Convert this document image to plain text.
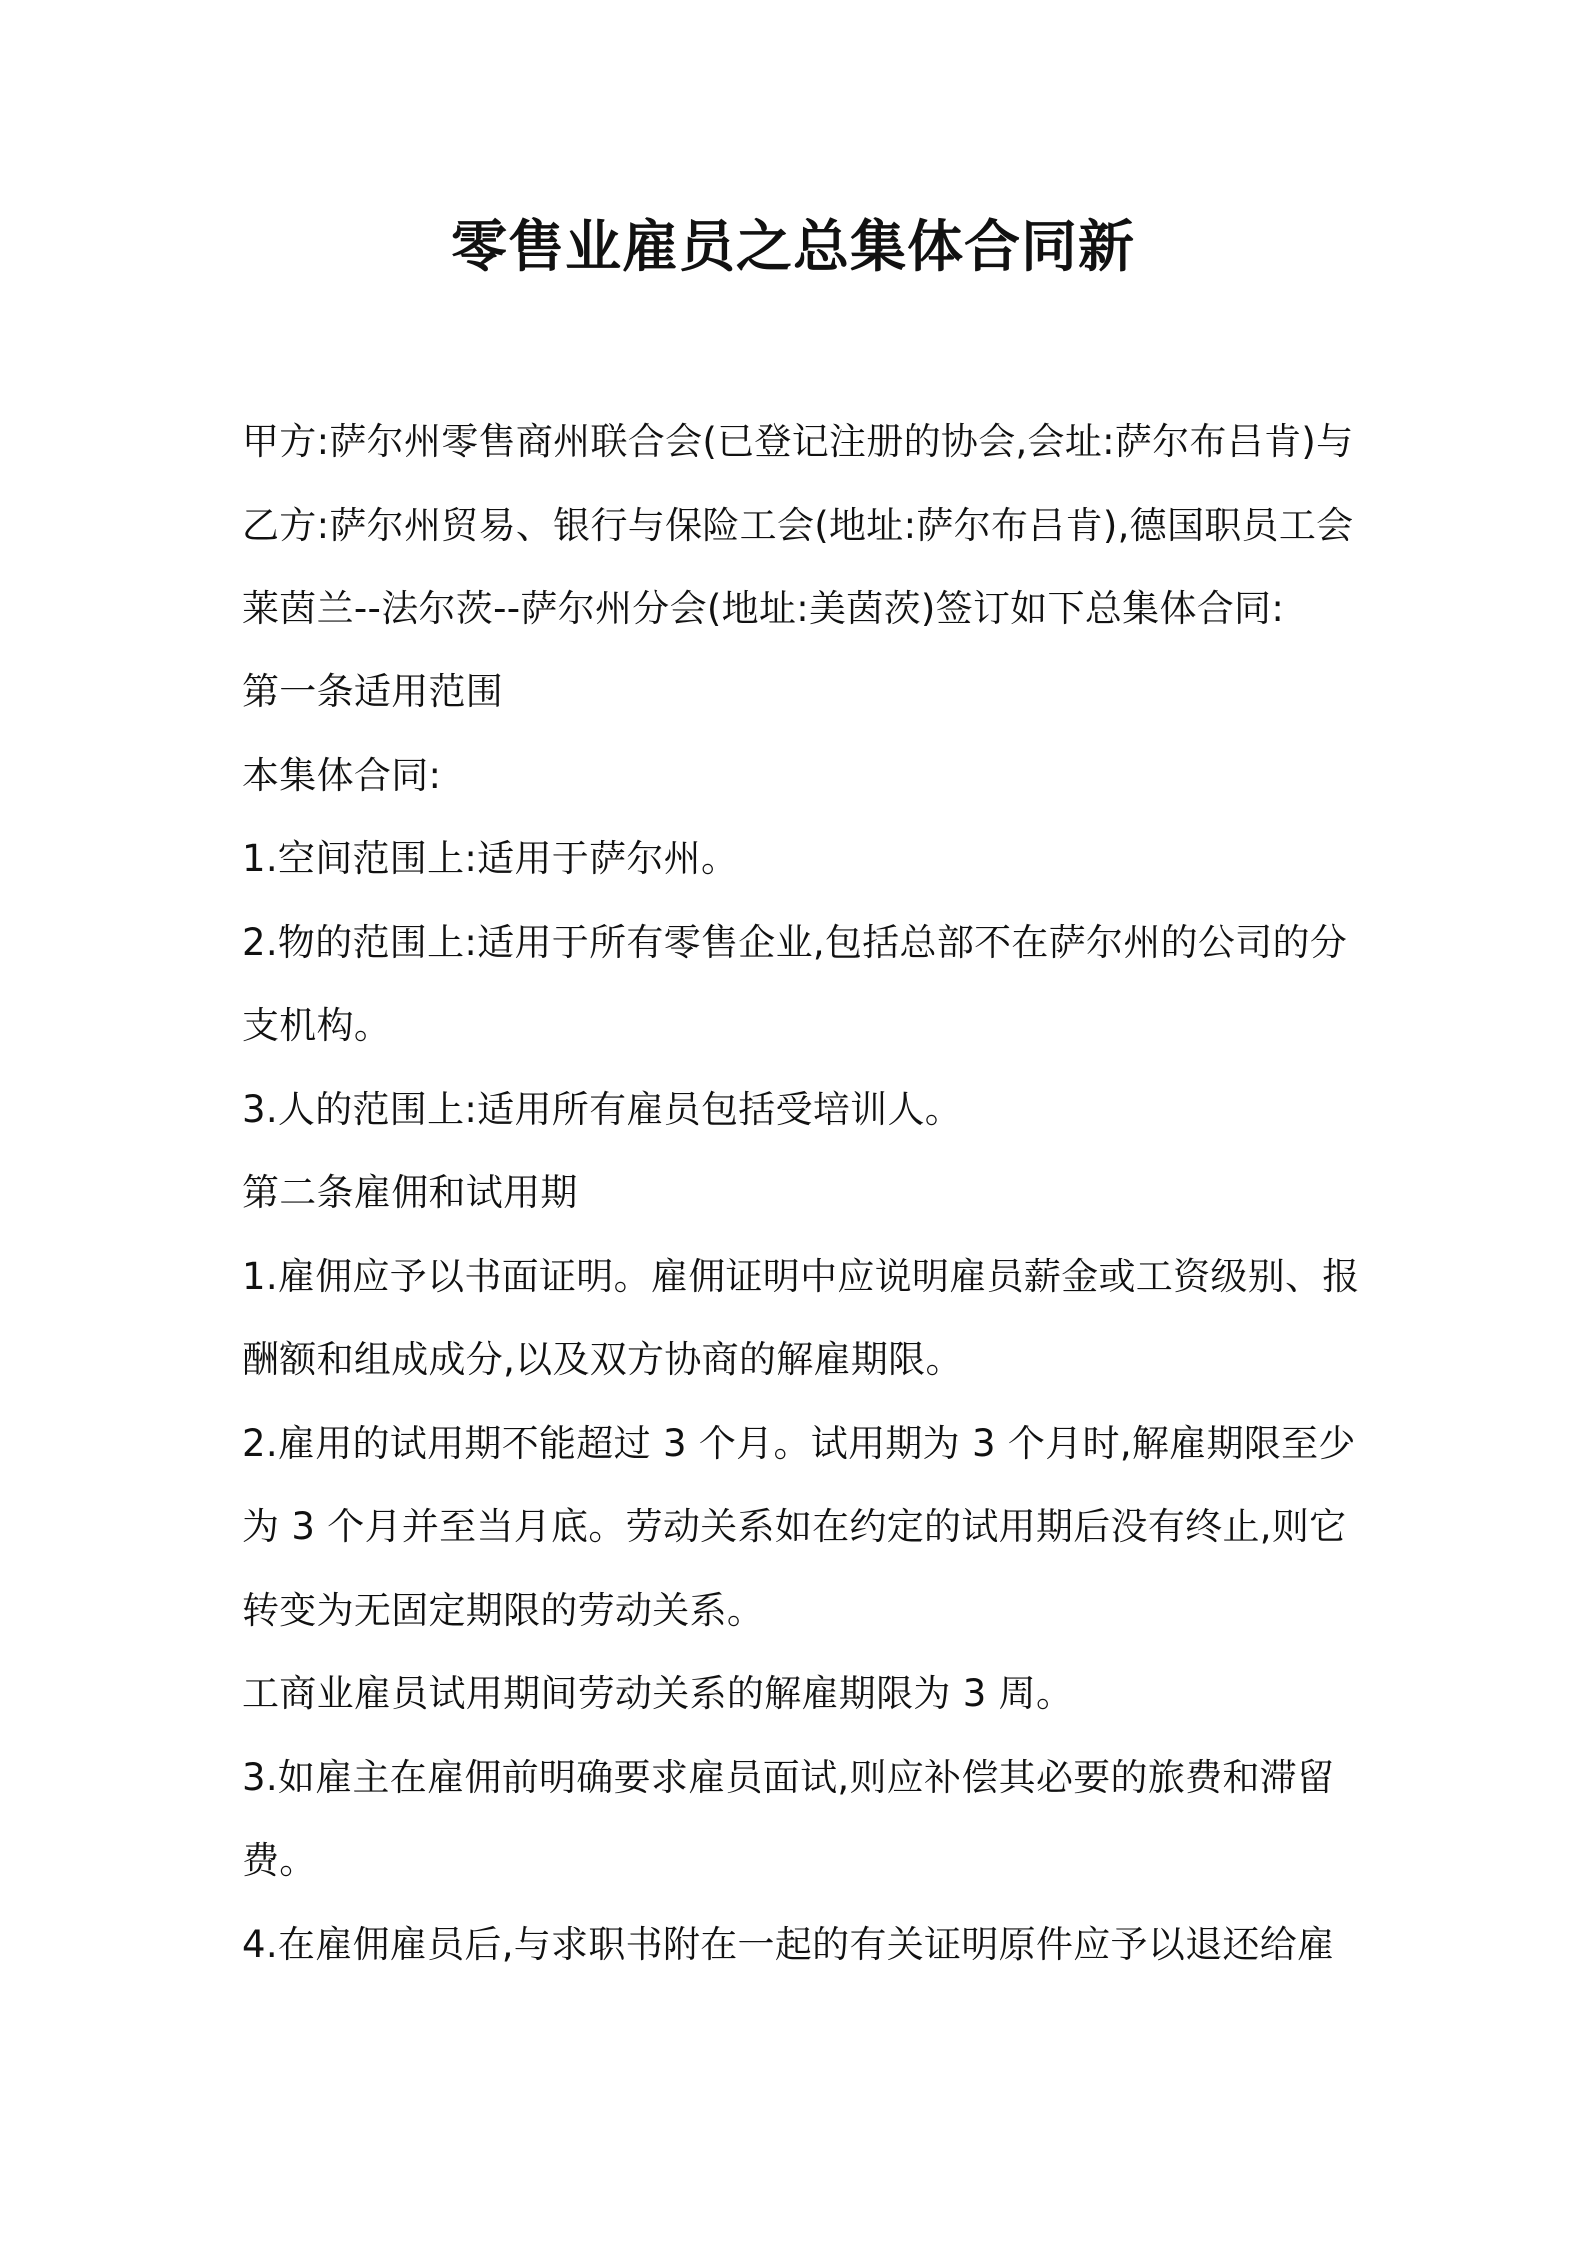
零售业雇员之总集体合同新
甲方:萨尔州零售商州联合会(已登记注册的协会,会址:萨尔布吕肯)与
乙方:萨尔州贸易、银行与保险工会(地址:萨尔布吕肯),德国职员工会
莱茵兰--法尔茨--萨尔州分会(地址:美茵茨)签订如下总集体合同:
第一条适用范围
本集体合同:
1.空间范围上:适用于萨尔州。
2.物的范围上:适用于所有零售企业,包括总部不在萨尔州的公司的分
支机构。
3.人的范围上:适用所有雇员包括受培训人。
第二条雇佣和试用期
1.雇佣应予以书面证明。雇佣证明中应说明雇员薪金或工资级别、报
酬额和组成成分,以及双方协商的解雇期限。
2.雇用的试用期不能超过 3 个月。试用期为 3 个月时,解雇期限至少
为 3 个月并至当月底。劳动关系如在约定的试用期后没有终止,则它
转变为无固定期限的劳动关系。
工商业雇员试用期间劳动关系的解雇期限为 3 周。
3.如雇主在雇佣前明确要求雇员面试,则应补偿其必要的旅费和滞留
费。
4.在雇佣雇员后,与求职书附在一起的有关证明原件应予以退还给雇
